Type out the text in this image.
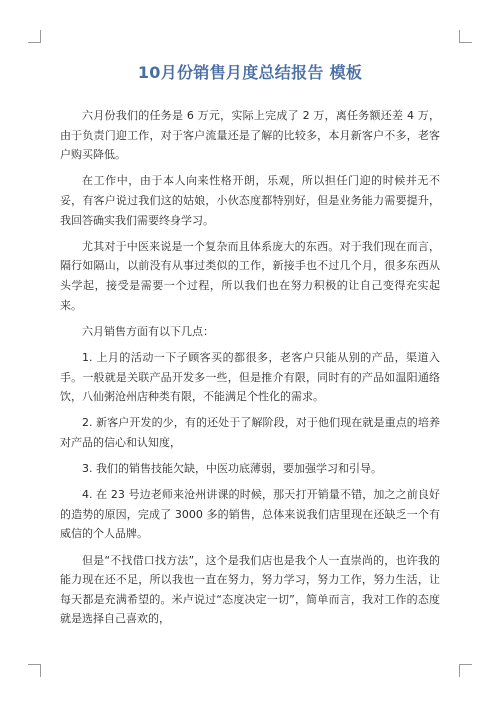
10月份销售月度总结报告 模板

六月份我们的任务是 6 万元，实际上完成了 2 万，离任务额还差 4 万，由于负责门迎工作，对于客户流量还是了解的比较多，本月新客户不多，老客户购买降低。

在工作中，由于本人向来性格开朗，乐观，所以担任门迎的时候并无不妥，有客户说过我们这的姑娘，小伙态度都特别好，但是业务能力需要提升，我回答确实我们需要终身学习。

尤其对于中医来说是一个复杂而且体系庞大的东西。对于我们现在而言，隔行如隔山，以前没有从事过类似的工作，新接手也不过几个月，很多东西从头学起，接受是需要一个过程，所以我们也在努力积极的让自己变得充实起来。

六月销售方面有以下几点：

1. 上月的活动一下子顾客买的都很多，老客户只能从别的产品，渠道入手。一般就是关联产品开发多一些，但是推介有限，同时有的产品如温阳通络饮，八仙粥沧州店种类有限，不能满足个性化的需求。

2. 新客户开发的少，有的还处于了解阶段，对于他们现在就是重点的培养对产品的信心和认知度，

3. 我们的销售技能欠缺，中医功底薄弱，要加强学习和引导。

4. 在 23 号边老师来沧州讲课的时候，那天打开销量不错，加之之前良好的造势的原因，完成了 3000 多的销售，总体来说我们店里现在还缺乏一个有威信的个人品牌。

但是“不找借口找方法”，这个是我们店也是我个人一直崇尚的，也许我的能力现在还不足，所以我也一直在努力，努力学习，努力工作，努力生活，让每天都是充满希望的。米卢说过“态度决定一切”，简单而言，我对工作的态度就是选择自己喜欢的，
